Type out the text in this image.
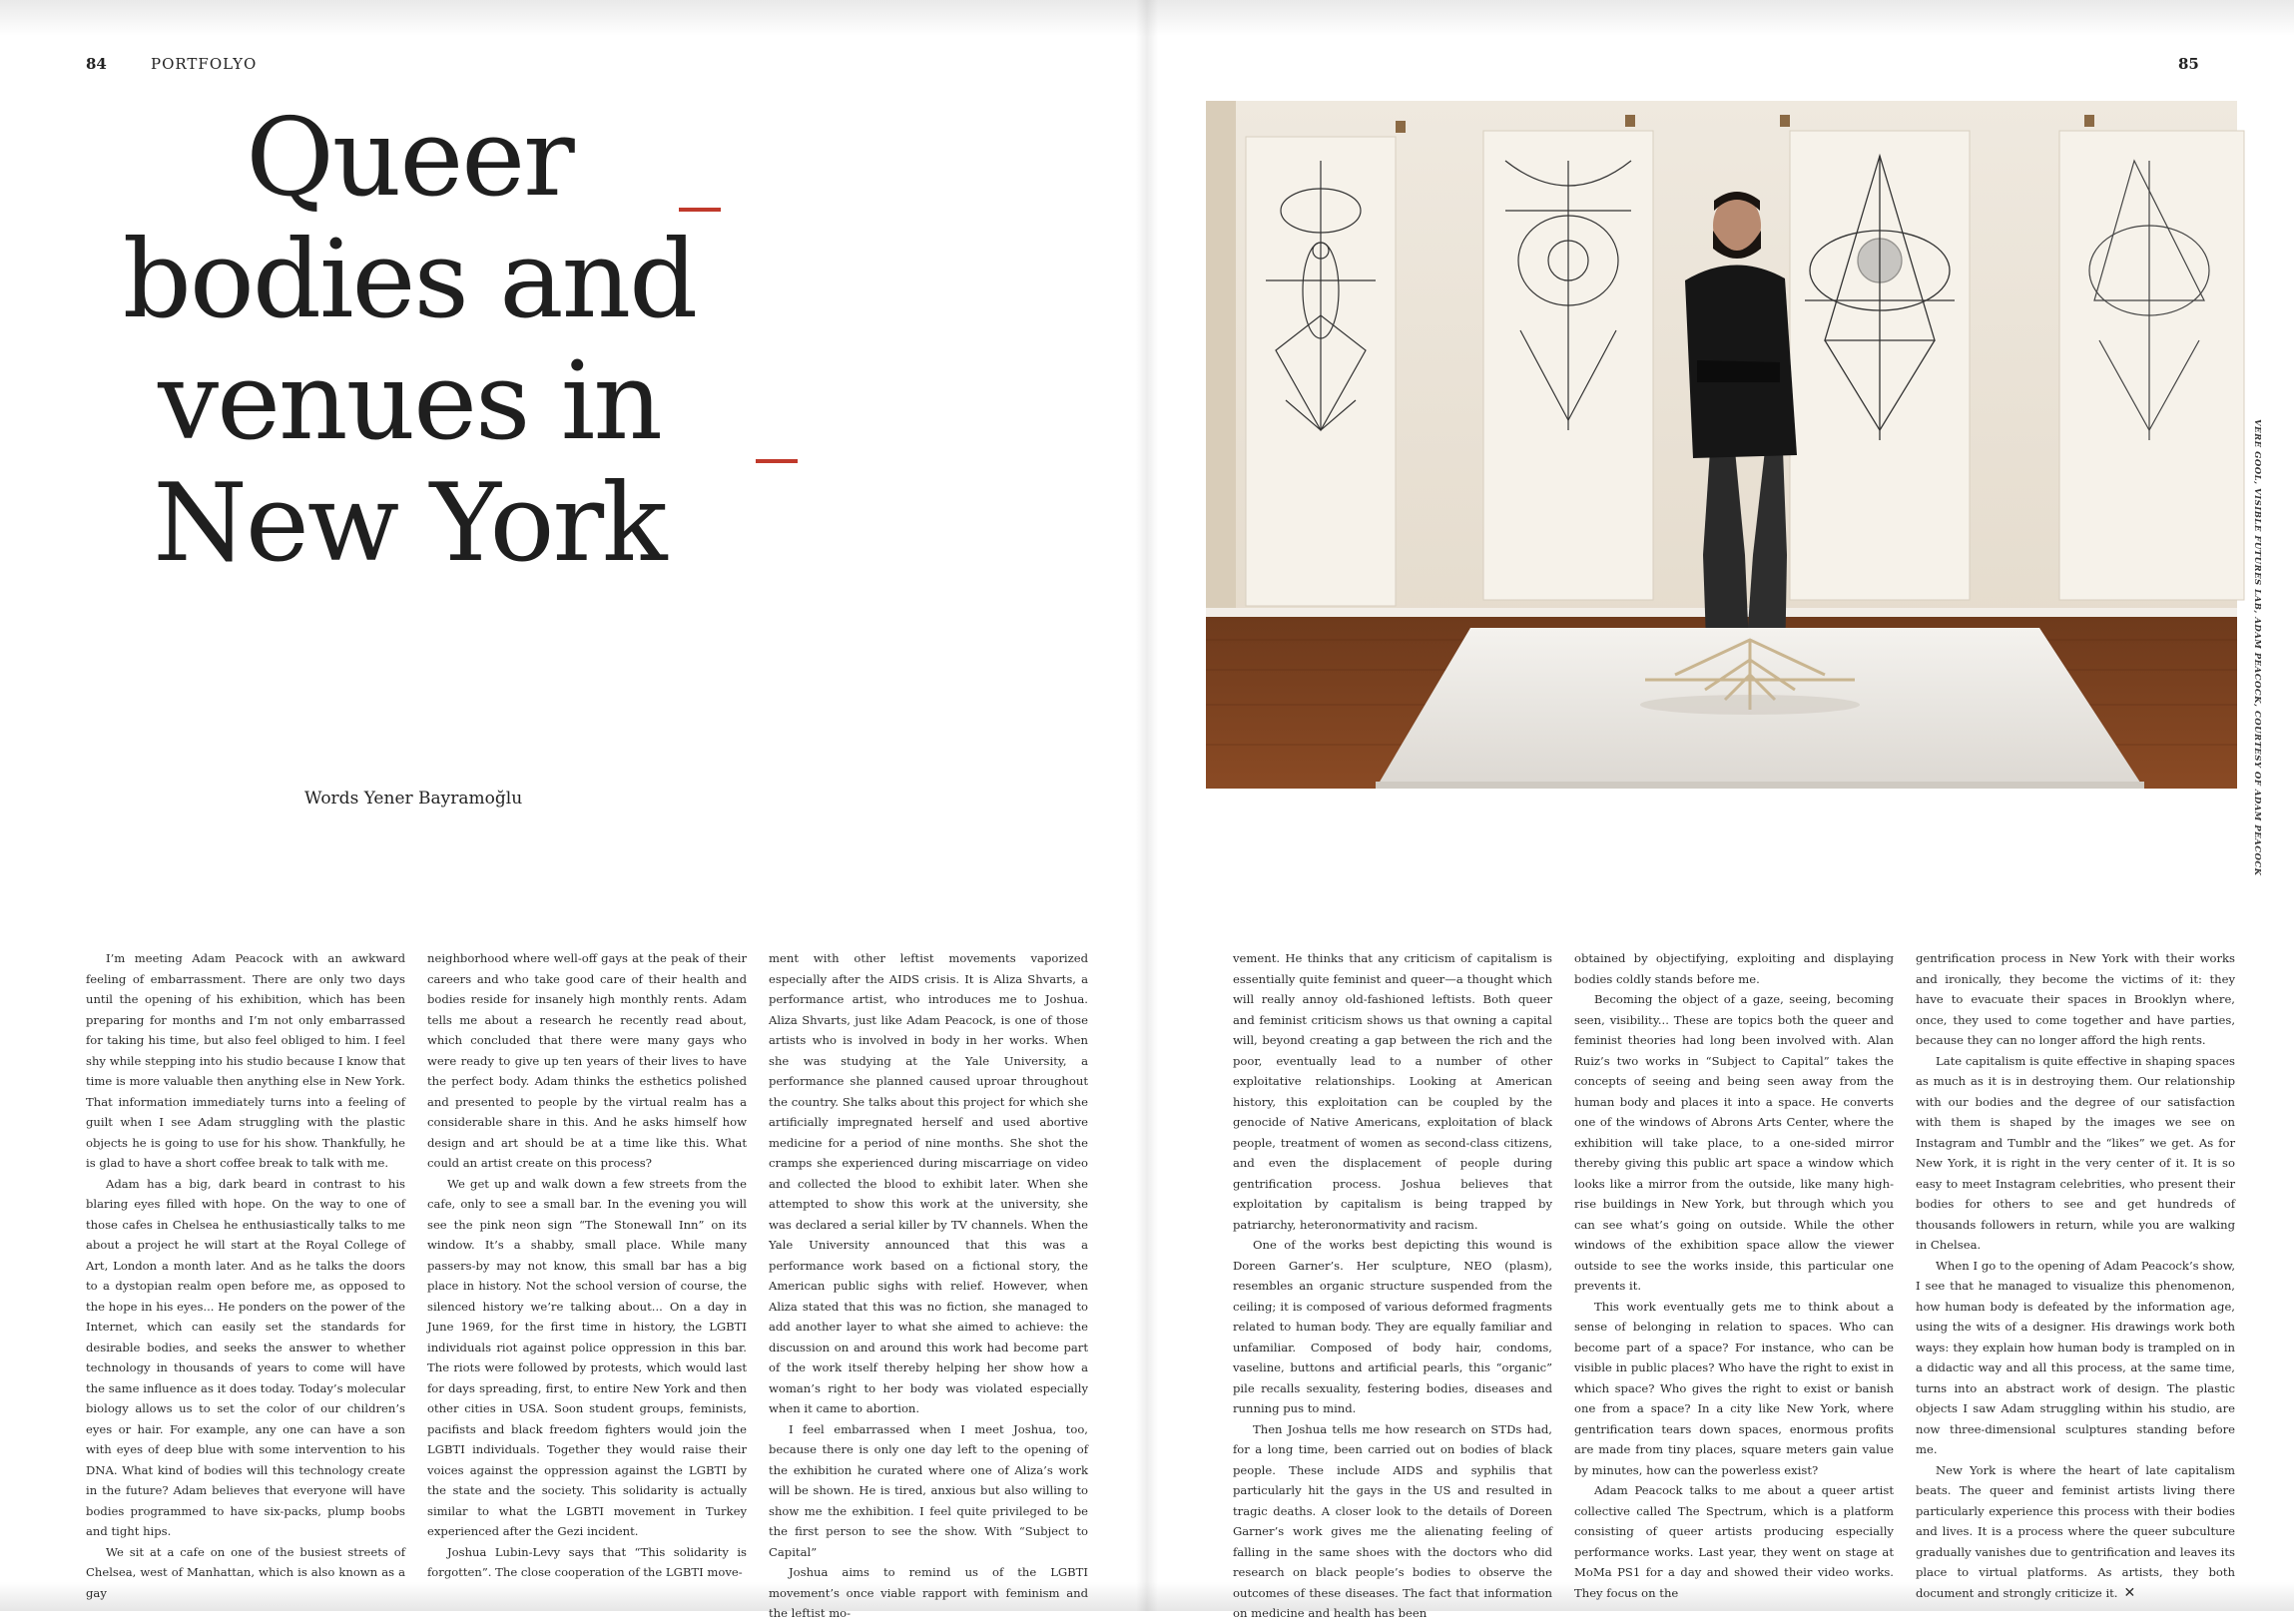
84	PORTFOLYO	85
Queer
bodies and
venues in
New York
Words Yener Bayramoğlu	VERE GOOL, VISIBLE FUTURES LAB, ADAM PEACOCK, COURTESY OF ADAM PEACOCK

I’m meeting Adam Peacock with an awkward feeling of embarrassment. There are only two days until the opening of his exhibition, which has been preparing for months and I’m not only embarrassed for taking his time, but also feel obliged to him. I feel shy while stepping into his studio because I know that time is more valuable then anything else in New York. That information immediately turns into a feeling of guilt when I see Adam struggling with the plastic objects he is going to use for his show. Thankfully, he is glad to have a short coffee break to talk with me.

Adam has a big, dark beard in contrast to his blaring eyes filled with hope. On the way to one of those cafes in Chelsea he enthusiastically talks to me about a project he will start at the Royal College of Art, London a month later. And as he talks the doors to a dystopian realm open before me, as opposed to the hope in his eyes... He ponders on the power of the Internet, which can easily set the standards for desirable bodies, and seeks the answer to whether technology in thousands of years to come will have the same influence as it does today. Today’s molecular biology allows us to set the color of our children’s eyes or hair. For example, any one can have a son with eyes of deep blue with some intervention to his DNA. What kind of bodies will this technology create in the future? Adam believes that everyone will have bodies programmed to have six-packs, plump boobs and tight hips.

We sit at a cafe on one of the busiest streets of Chelsea, west of Manhattan, which is also known as a gay

neighborhood where well-off gays at the peak of their careers and who take good care of their health and bodies reside for insanely high monthly rents. Adam tells me about a research he recently read about, which concluded that there were many gays who were ready to give up ten years of their lives to have the perfect body. Adam thinks the esthetics polished and presented to people by the virtual realm has a considerable share in this. And he asks himself how design and art should be at a time like this. What could an artist create on this process?

We get up and walk down a few streets from the cafe, only to see a small bar. In the evening you will see the pink neon sign “The Stonewall Inn” on its window. It’s a shabby, small place. While many passers-by may not know, this small bar has a big place in history. Not the school version of course, the silenced history we’re talking about... On a day in June 1969, for the first time in history, the LGBTI individuals riot against police oppression in this bar. The riots were followed by protests, which would last for days spreading, first, to entire New York and then other cities in USA. Soon student groups, feminists, pacifists and black freedom fighters would join the LGBTI individuals. Together they would raise their voices against the oppression against the LGBTI by the state and the society. This solidarity is actually similar to what the LGBTI movement in Turkey experienced after the Gezi incident.

Joshua Lubin-Levy says that “This solidarity is forgotten”. The close cooperation of the LGBTI move-

ment with other leftist movements vaporized especially after the AIDS crisis. It is Aliza Shvarts, a performance artist, who introduces me to Joshua. Aliza Shvarts, just like Adam Peacock, is one of those artists who is involved in body in her works. When she was studying at the Yale University, a performance she planned caused uproar throughout the country. She talks about this project for which she artificially impregnated herself and used abortive medicine for a period of nine months. She shot the cramps she experienced during miscarriage on video and collected the blood to exhibit later. When she attempted to show this work at the university, she was declared a serial killer by TV channels. When the Yale University announced that this was a performance work based on a fictional story, the American public sighs with relief. However, when Aliza stated that this was no fiction, she managed to add another layer to what she aimed to achieve: the discussion on and around this work had become part of the work itself thereby helping her show how a woman’s right to her body was violated especially when it came to abortion.

I feel embarrassed when I meet Joshua, too, because there is only one day left to the opening of the exhibition he curated where one of Aliza’s work will be shown. He is tired, anxious but also willing to show me the exhibition. I feel quite privileged to be the first person to see the show. With “Subject to Capital”

Joshua aims to remind us of the LGBTI movement’s once viable rapport with feminism and the leftist mo-

vement. He thinks that any criticism of capitalism is essentially quite feminist and queer—a thought which will really annoy old-fashioned leftists. Both queer and feminist criticism shows us that owning a capital will, beyond creating a gap between the rich and the poor, eventually lead to a number of other exploitative relationships. Looking at American history, this exploitation can be coupled by the genocide of Native Americans, exploitation of black people, treatment of women as second-class citizens, and even the displacement of people during gentrification process. Joshua believes that exploitation by capitalism is being trapped by patriarchy, heteronormativity and racism.

One of the works best depicting this wound is Doreen Garner’s. Her sculpture, NEO (plasm), resembles an organic structure suspended from the ceiling; it is composed of various deformed fragments related to human body. They are equally familiar and unfamiliar. Composed of body hair, condoms, vaseline, buttons and artificial pearls, this “organic” pile recalls sexuality, festering bodies, diseases and running pus to mind.

Then Joshua tells me how research on STDs had, for a long time, been carried out on bodies of black people. These include AIDS and syphilis that particularly hit the gays in the US and resulted in tragic deaths. A closer look to the details of Doreen Garner’s work gives me the alienating feeling of falling in the same shoes with the doctors who did research on black people’s bodies to observe the outcomes of these diseases. The fact that information on medicine and health has been

obtained by objectifying, exploiting and displaying bodies coldly stands before me.

Becoming the object of a gaze, seeing, becoming seen, visibility... These are topics both the queer and feminist theories had long been involved with. Alan Ruiz’s two works in “Subject to Capital” takes the concepts of seeing and being seen away from the human body and places it into a space. He converts one of the windows of Abrons Arts Center, where the exhibition will take place, to a one-sided mirror thereby giving this public art space a window which looks like a mirror from the outside, like many high-rise buildings in New York, but through which you can see what’s going on outside. While the other windows of the exhibition space allow the viewer outside to see the works inside, this particular one prevents it.

This work eventually gets me to think about a sense of belonging in relation to spaces. Who can become part of a space? For instance, who can be visible in public places? Who have the right to exist in which space? Who gives the right to exist or banish one from a space? In a city like New York, where gentrification tears down spaces, enormous profits are made from tiny places, square meters gain value by minutes, how can the powerless exist?

Adam Peacock talks to me about a queer artist collective called The Spectrum, which is a platform consisting of queer artists producing especially performance works. Last year, they went on stage at MoMa PS1 for a day and showed their video works. They focus on the

gentrification process in New York with their works and ironically, they become the victims of it: they have to evacuate their spaces in Brooklyn where, once, they used to come together and have parties, because they can no longer afford the high rents.

Late capitalism is quite effective in shaping spaces as much as it is in destroying them. Our relationship with our bodies and the degree of our satisfaction with them is shaped by the images we see on Instagram and Tumblr and the “likes” we get. As for New York, it is right in the very center of it. It is so easy to meet Instagram celebrities, who present their bodies for others to see and get hundreds of thousands followers in return, while you are walking in Chelsea.

When I go to the opening of Adam Peacock’s show, I see that he managed to visualize this phenomenon, how human body is defeated by the information age, using the wits of a designer. His drawings work both ways: they explain how human body is trampled on in a didactic way and all this process, at the same time, turns into an abstract work of design. The plastic objects I saw Adam struggling within his studio, are now three-dimensional sculptures standing before me.

New York is where the heart of late capitalism beats. The queer and feminist artists living there particularly experience this process with their bodies and lives. It is a process where the queer subculture gradually vanishes due to gentrification and leaves its place to virtual platforms. As artists, they both document and strongly criticize it. ✕
